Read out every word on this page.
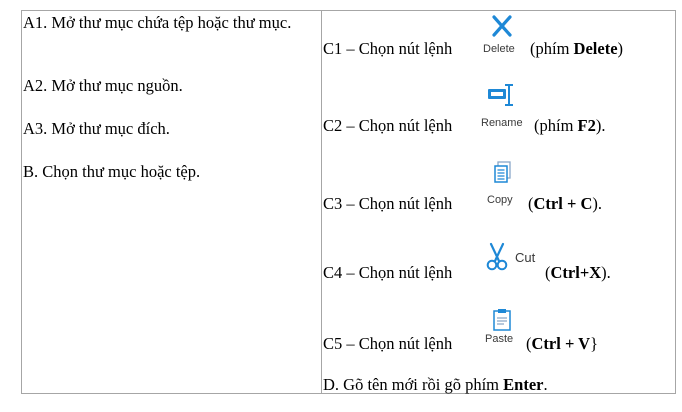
A1. Mở thư mục chứa tệp hoặc thư mục.
A2. Mở thư mục nguồn.
A3. Mở thư mục đích.
B. Chọn thư mục hoặc tệp.
C1 – Chọn nút lệnh	Delete (phím Delete)
C2 – Chọn nút lệnh	Rename (phím F2).
C3 – Chọn nút lệnh	Copy (Ctrl + C).
C4 – Chọn nút lệnh
Cut
(Ctrl+X).
C5 – Chọn nút lệnh	Paste (Ctrl + V}
D. Gõ tên mới rồi gõ phím Enter.
